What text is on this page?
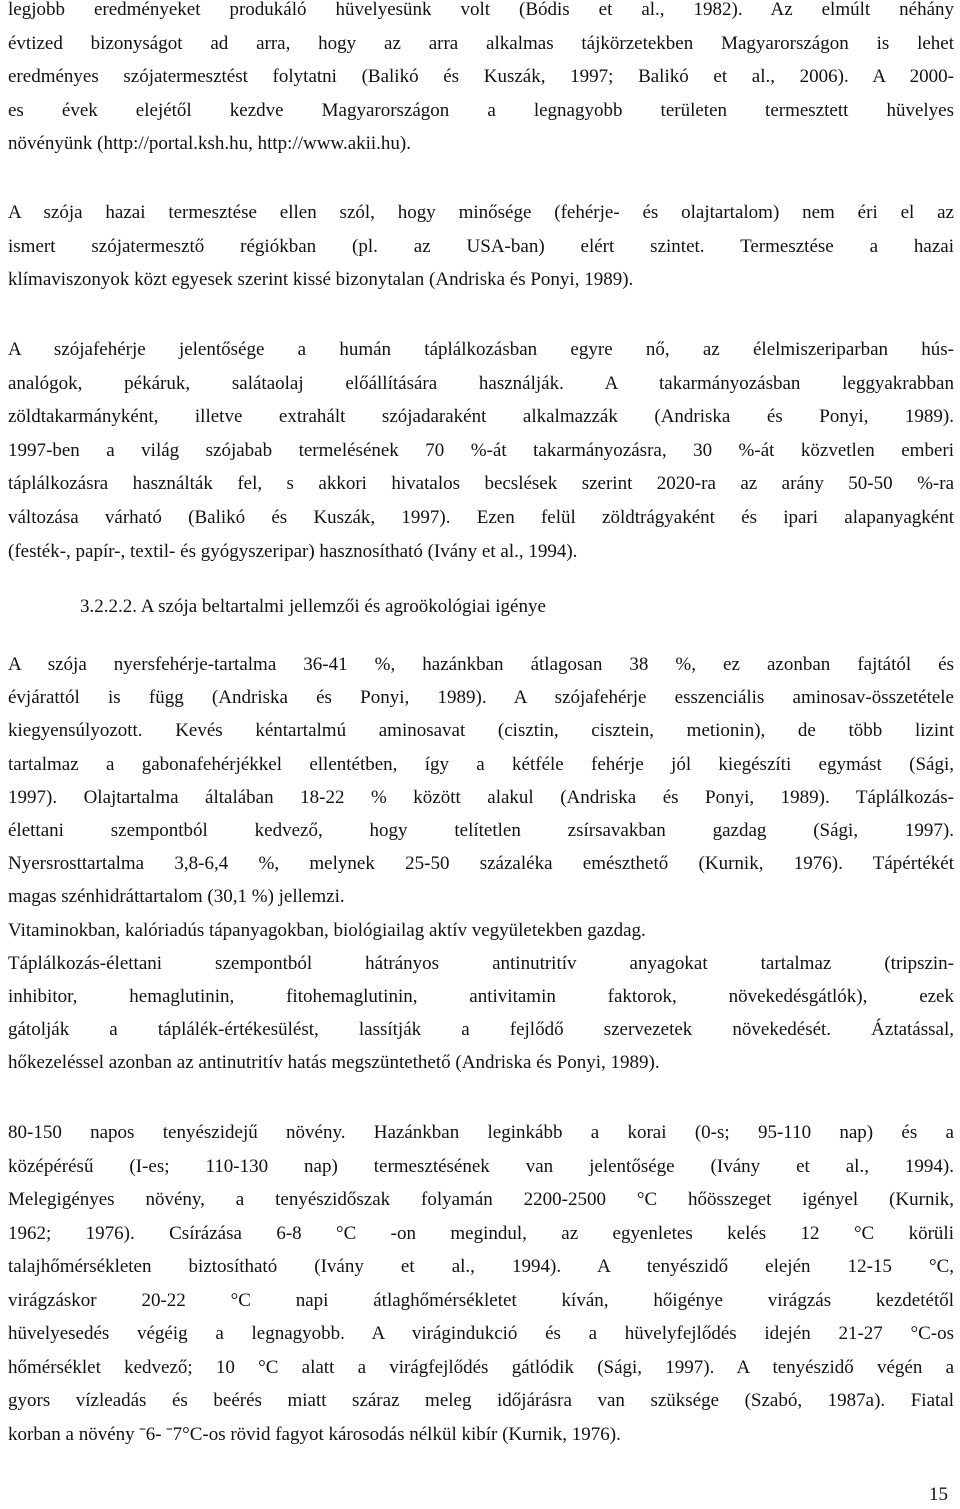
legjobb eredményeket produkáló hüvelyesünk volt (Bódis et al., 1982). Az elmúlt néhány
évtized bizonyságot ad arra, hogy az arra alkalmas tájkörzetekben Magyarországon is lehet
eredményes szójatermesztést folytatni (Balikó és Kuszák, 1997; Balikó et al., 2006). A 2000-
es évek elejétől kezdve Magyarországon a legnagyobb területen termesztett hüvelyes
növényünk (http://portal.ksh.hu, http://www.akii.hu).

A szója hazai termesztése ellen szól, hogy minősége (fehérje- és olajtartalom) nem éri el az
ismert szójatermesztő régiókban (pl. az USA-ban) elért szintet. Termesztése a hazai
klímaviszonyok közt egyesek szerint kissé bizonytalan (Andriska és Ponyi, 1989).

A szójafehérje jelentősége a humán táplálkozásban egyre nő, az élelmiszeriparban hús-
analógok, pékáruk, salátaolaj előállítására használják. A takarmányozásban leggyakrabban
zöldtakarmányként, illetve extrahált szójadaraként alkalmazzák (Andriska és Ponyi, 1989).
1997-ben a világ szójabab termelésének 70 %-át takarmányozásra, 30 %-át közvetlen emberi
táplálkozásra használták fel, s akkori hivatalos becslések szerint 2020-ra az arány 50-50 %-ra
változása várható (Balikó és Kuszák, 1997). Ezen felül zöldtrágyaként és ipari alapanyagként
(festék-, papír-, textil- és gyógyszeripar) hasznosítható (Ivány et al., 1994).

3.2.2.2. A szója beltartalmi jellemzői és agroökológiai igénye

A szója nyersfehérje-tartalma 36-41 %, hazánkban átlagosan 38 %, ez azonban fajtától és
évjárattól is függ (Andriska és Ponyi, 1989). A szójafehérje esszenciális aminosav-összetétele
kiegyensúlyozott. Kevés kéntartalmú aminosavat (cisztin, cisztein, metionin), de több lizint
tartalmaz a gabonafehérjékkel ellentétben, így a kétféle fehérje jól kiegészíti egymást (Sági,
1997). Olajtartalma általában 18-22 % között alakul (Andriska és Ponyi, 1989). Táplálkozás-
élettani szempontból kedvező, hogy telítetlen zsírsavakban gazdag (Sági, 1997).
Nyersrosttartalma 3,8-6,4 %, melynek 25-50 százaléka emészthető (Kurnik, 1976). Tápértékét
magas szénhidráttartalom (30,1 %) jellemzi.
Vitaminokban, kalóriadús tápanyagokban, biológiailag aktív vegyületekben gazdag.
Táplálkozás-élettani szempontból hátrányos antinutritív anyagokat tartalmaz (tripszin-
inhibitor, hemaglutinin, fitohemaglutinin, antivitamin faktorok, növekedésgátlók), ezek
gátolják a táplálék-értékesülést, lassítják a fejlődő szervezetek növekedését. Áztatással,
hőkezeléssel azonban az antinutritív hatás megszüntethető (Andriska és Ponyi, 1989).

80-150 napos tenyészidejű növény. Hazánkban leginkább a korai (0-s; 95-110 nap) és a
középérésű (I-es; 110-130 nap) termesztésének van jelentősége (Ivány et al., 1994).
Melegigényes növény, a tenyészidőszak folyamán 2200-2500 °C hőösszeget igényel (Kurnik,
1962; 1976). Csírázása 6-8 °C -on megindul, az egyenletes kelés 12 °C körüli
talajhőmérsékleten biztosítható (Ivány et al., 1994). A tenyészidő elején 12-15 °C,
virágzáskor 20-22 °C napi átlaghőmérsékletet kíván, hőigénye virágzás kezdetétől
hüvelyesedés végéig a legnagyobb. A virágindukció és a hüvelyfejlődés idején 21-27 °C-os
hőmérséklet kedvező; 10 °C alatt a virágfejlődés gátlódik (Sági, 1997). A tenyészidő végén a
gyors vízleadás és beérés miatt száraz meleg időjárásra van szüksége (Szabó, 1987a). Fiatal
korban a növény ˉ6- ˉ7°C-os rövid fagyot károsodás nélkül kibír (Kurnik, 1976).

15
